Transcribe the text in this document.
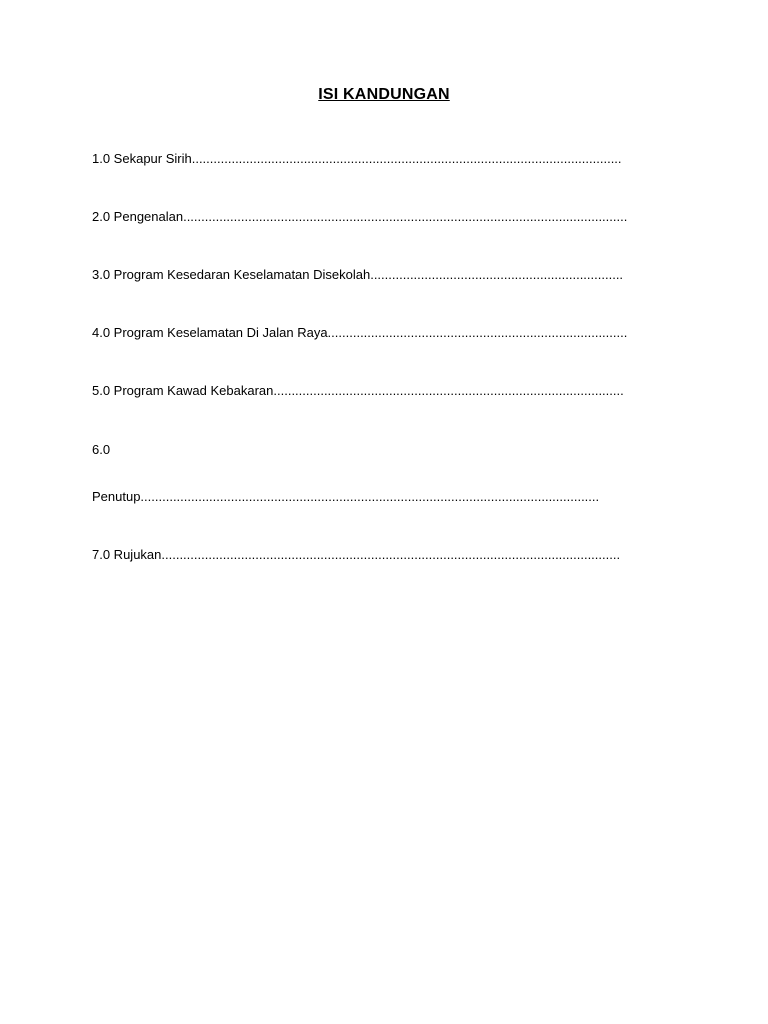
ISI KANDUNGAN
1.0 Sekapur Sirih.......................................................................................................................
2.0 Pengenalan...........................................................................................................................
3.0 Program Kesedaran Keselamatan Disekolah......................................................................
4.0 Program Keselamatan Di Jalan Raya...................................................................................
5.0 Program Kawad Kebakaran.................................................................................................
6.0
Penutup...............................................................................................................................
7.0 Rujukan...............................................................................................................................
